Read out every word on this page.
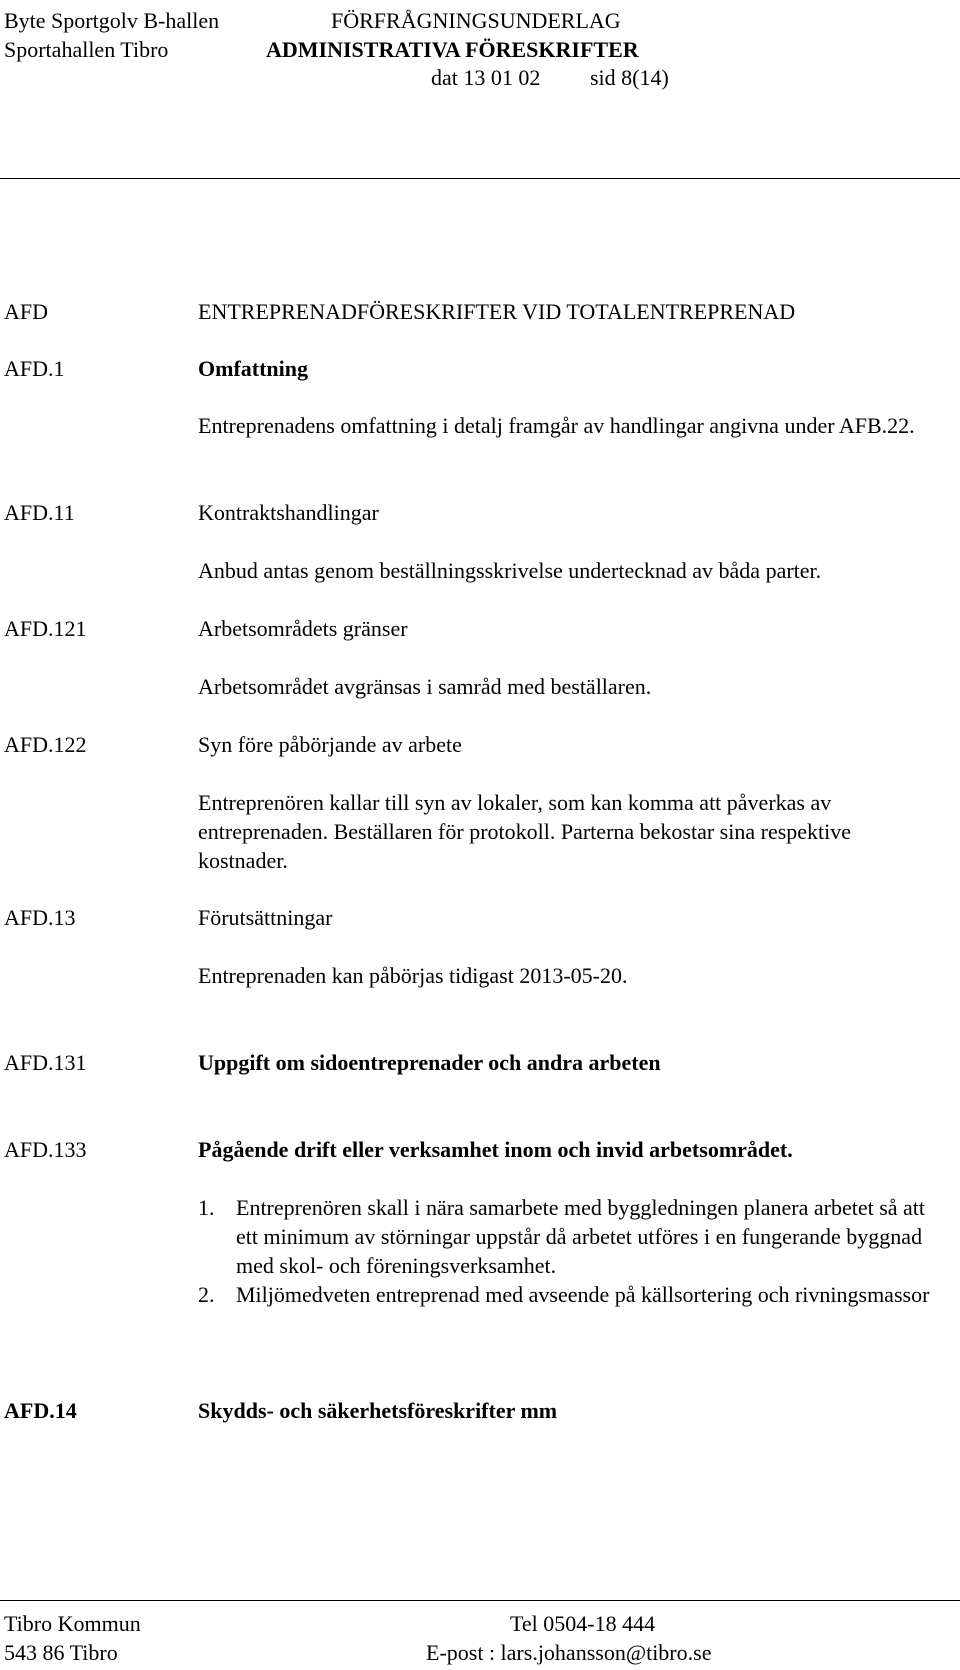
Byte Sportgolv B-hallen
Sportahallen Tibro
FÖRFRÅGNINGSUNDERLAG
ADMINISTRATIVA FÖRESKRIFTER
dat 13 01 02 sid 8(14)
AFD	ENTREPRENADFÖRESKRIFTER VID TOTALENTREPRENAD
AFD.1	Omfattning
Entreprenadens omfattning i detalj framgår av handlingar angivna under AFB.22.
AFD.11	Kontraktshandlingar
Anbud antas genom beställningsskrivelse undertecknad av båda parter.
AFD.121	Arbetsområdets gränser
Arbetsområdet avgränsas i samråd med beställaren.
AFD.122	Syn före påbörjande av arbete
Entreprenören kallar till syn av lokaler, som kan komma att påverkas av entreprenaden. Beställaren för protokoll. Parterna bekostar sina respektive kostnader.
AFD.13	Förutsättningar
Entreprenaden kan påbörjas tidigast 2013-05-20.
AFD.131	Uppgift om sidoentreprenader och andra arbeten
AFD.133	Pågående drift eller verksamhet inom och invid arbetsområdet.
1. Entreprenören skall i nära samarbete med byggledningen planera arbetet så att ett minimum av störningar uppstår då arbetet utföres i en fungerande byggnad med skol- och föreningsverksamhet.
2. Miljömedveten entreprenad med avseende på källsortering och rivningsmassor
AFD.14	Skydds- och säkerhetsföreskrifter mm
Tibro Kommun
543 86 Tibro
Tel 0504-18 444
E-post : lars.johansson@tibro.se
